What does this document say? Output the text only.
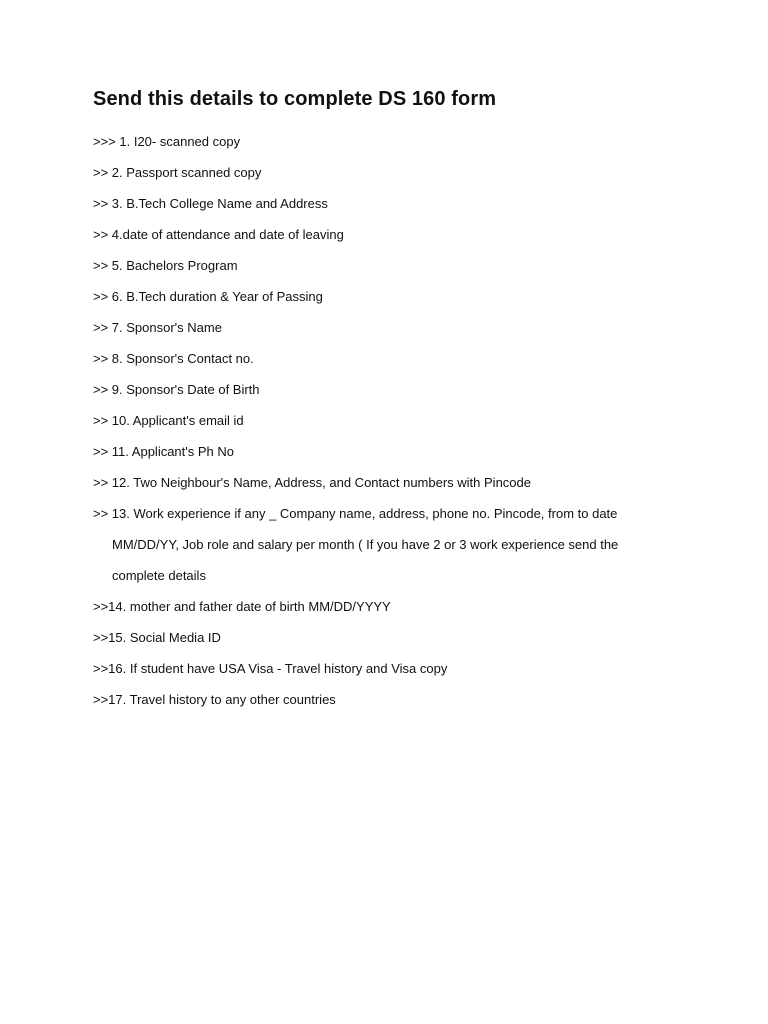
Send this details to complete DS 160 form
>>> 1. I20- scanned copy
>> 2. Passport scanned copy
>> 3. B.Tech College Name and Address
>> 4.date of attendance and date of leaving
>> 5. Bachelors Program
>> 6. B.Tech duration & Year of Passing
>> 7. Sponsor's Name
>> 8. Sponsor's Contact no.
>> 9. Sponsor's Date of Birth
>> 10. Applicant's email id
>> 11. Applicant's Ph No
>> 12. Two Neighbour's Name, Address, and Contact numbers with Pincode
>> 13. Work experience if any _ Company name, address, phone no. Pincode, from to date
MM/DD/YY, Job role and salary per month ( If you have 2 or 3 work experience send the
complete details
>>14. mother and father date of birth MM/DD/YYYY
>>15. Social Media ID
>>16. If student have USA Visa - Travel history and Visa copy
>>17. Travel history to any other countries
